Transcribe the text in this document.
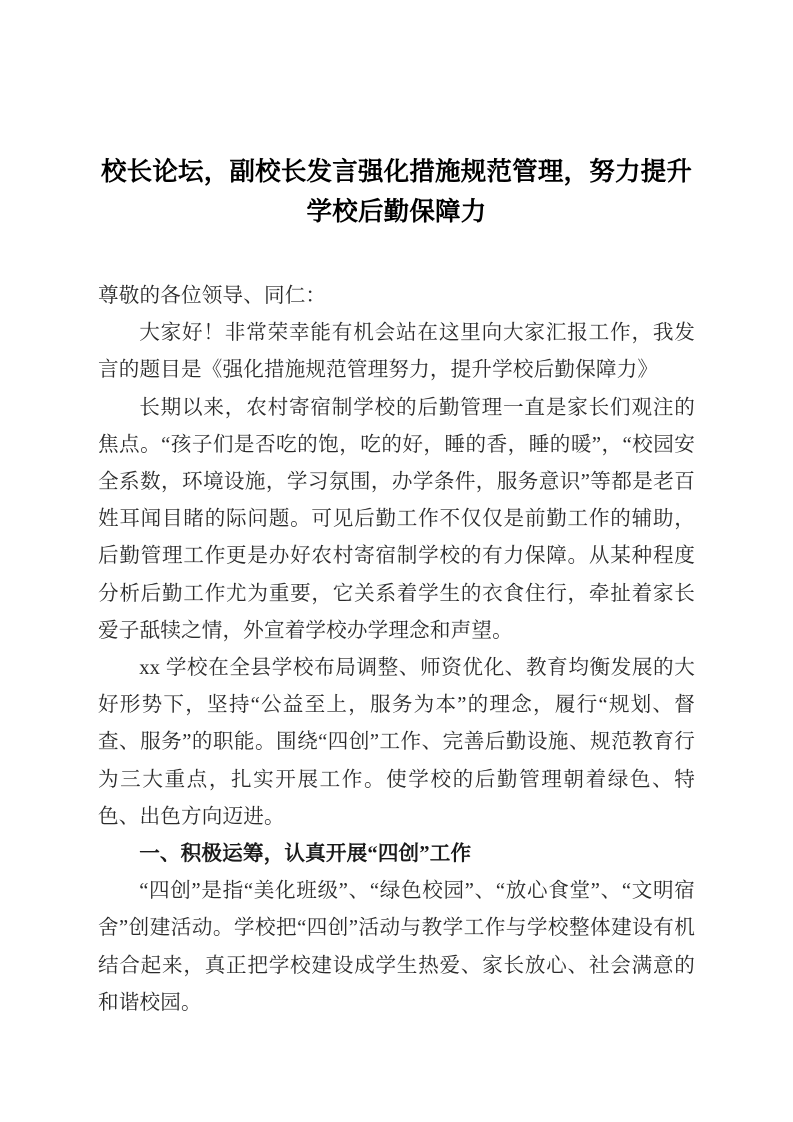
校长论坛，副校长发言强化措施规范管理，努力提升学校后勤保障力

尊敬的各位领导、同仁：

大家好！非常荣幸能有机会站在这里向大家汇报工作，我发言的题目是《强化措施规范管理努力，提升学校后勤保障力》

长期以来，农村寄宿制学校的后勤管理一直是家长们观注的焦点。“孩子们是否吃的饱，吃的好，睡的香，睡的暖”，“校园安全系数，环境设施，学习氛围，办学条件，服务意识”等都是老百姓耳闻目睹的际问题。可见后勤工作不仅仅是前勤工作的辅助，后勤管理工作更是办好农村寄宿制学校的有力保障。从某种程度分析后勤工作尤为重要，它关系着学生的衣食住行，牵扯着家长爱子舐犊之情，外宣着学校办学理念和声望。

xx 学校在全县学校布局调整、师资优化、教育均衡发展的大好形势下，坚持“公益至上，服务为本”的理念，履行“规划、督查、服务”的职能。围绕“四创”工作、完善后勤设施、规范教育行为三大重点，扎实开展工作。使学校的后勤管理朝着绿色、特色、出色方向迈进。

一、积极运筹，认真开展“四创”工作

“四创”是指“美化班级”、“绿色校园”、“放心食堂”、“文明宿舍”创建活动。学校把“四创”活动与教学工作与学校整体建设有机结合起来，真正把学校建设成学生热爱、家长放心、社会满意的和谐校园。
